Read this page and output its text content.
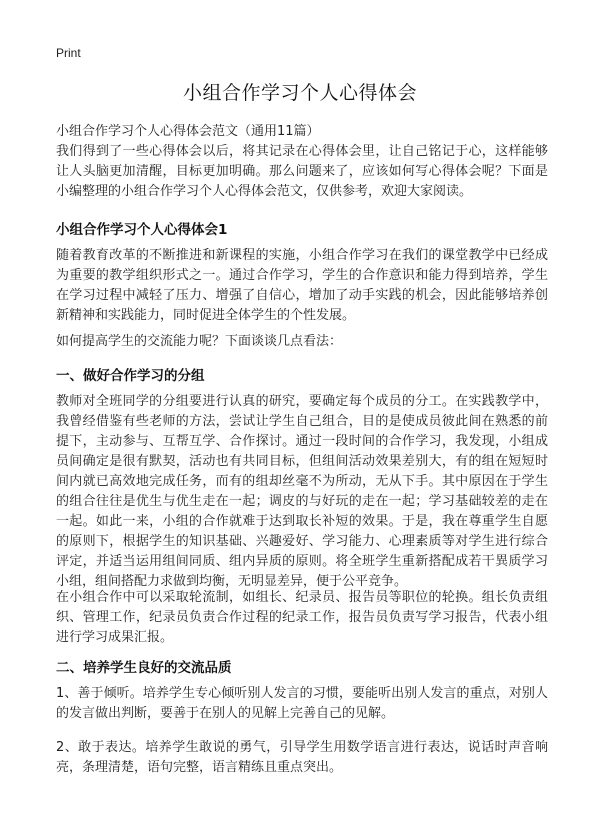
Print
小组合作学习个人心得体会
小组合作学习个人心得体会范文（通用11篇）

我们得到了一些心得体会以后，将其记录在心得体会里，让自己铭记于心，这样能够让人头脑更加清醒，目标更加明确。那么问题来了，应该如何写心得体会呢？下面是小编整理的小组合作学习个人心得体会范文，仅供参考，欢迎大家阅读。

小组合作学习个人心得体会1

随着教育改革的不断推进和新课程的实施，小组合作学习在我们的课堂教学中已经成为重要的教学组织形式之一。通过合作学习，学生的合作意识和能力得到培养，学生在学习过程中减轻了压力、增强了自信心，增加了动手实践的机会，因此能够培养创新精神和实践能力，同时促进全体学生的个性发展。

如何提高学生的交流能力呢？下面谈谈几点看法：

一、做好合作学习的分组

教师对全班同学的分组要进行认真的研究，要确定每个成员的分工。在实践教学中，我曾经借鉴有些老师的方法，尝试让学生自己组合，目的是使成员彼此间在熟悉的前提下，主动参与、互帮互学、合作探讨。通过一段时间的合作学习，我发现，小组成员间确定是很有默契，活动也有共同目标，但组间活动效果差别大，有的组在短短时间内就已高效地完成任务，而有的组却丝毫不为所动，无从下手。其中原因在于学生的组合往往是优生与优生走在一起；调皮的与好玩的走在一起；学习基础较差的走在一起。如此一来，小组的合作就难于达到取长补短的效果。于是，我在尊重学生自愿的原则下，根据学生的知识基础、兴趣爱好、学习能力、心理素质等对学生进行综合评定，并适当运用组间同质、组内异质的原则。将全班学生重新搭配成若干異质学习小组，组间搭配力求做到均衡，无明显差异，便于公平竞争。

在小组合作中可以采取轮流制，如组长、纪录员、报告员等职位的轮换。组长负责组织、管理工作，纪录员负责合作过程的纪录工作，报告员负责写学习报告，代表小组进行学习成果汇报。

二、培养学生良好的交流品质

1、善于倾听。培养学生专心倾听别人发言的习惯，要能听出别人发言的重点，对别人的发言做出判断，要善于在别人的见解上完善自己的见解。

2、敢于表达。培养学生敢说的勇气，引导学生用数学语言进行表达，说话时声音响亮，条理清楚，语句完整，语言精练且重点突出。
